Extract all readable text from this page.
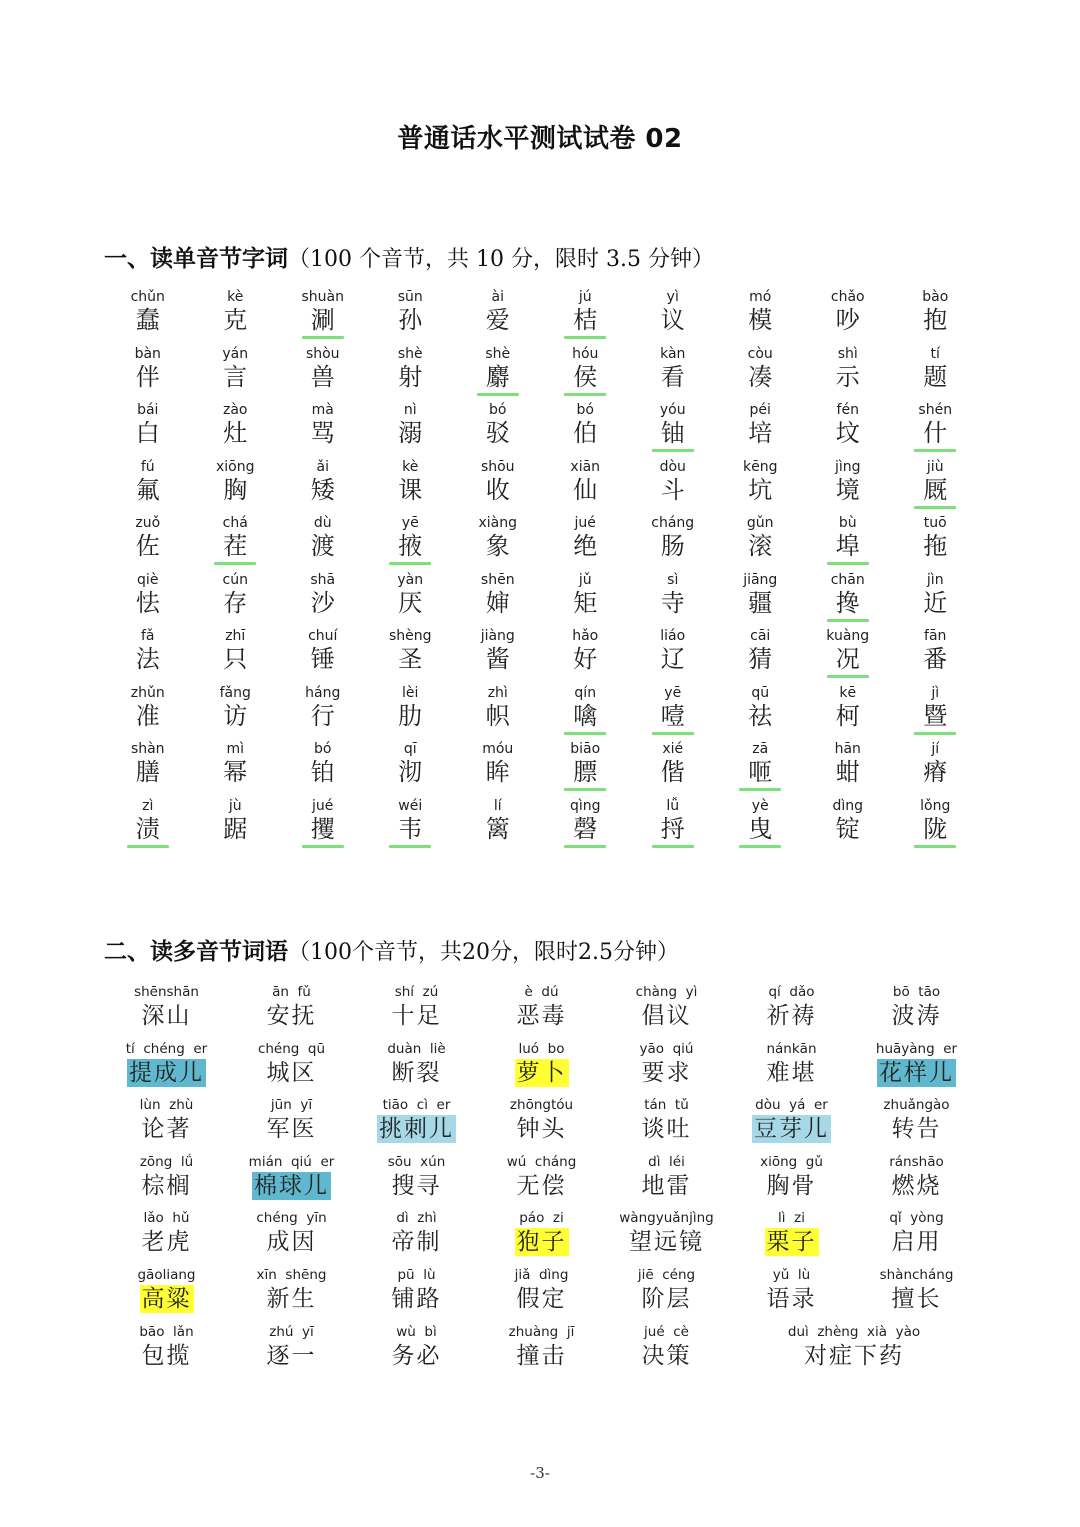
普通话水平测试试卷 02
一、读单音节字词（100 个音节，共 10 分，限时 3.5 分钟）
chǔn
蠢
kè
克
shuàn
涮
sūn
孙
ài
爱
jú
桔
yì
议
mó
模
chǎo
吵
bào
抱
bàn
伴
yán
言
shòu
兽
shè
射
shè
麝
hóu
侯
kàn
看
còu
凑
shì
示
tí
题
bái
白
zào
灶
mà
骂
nì
溺
bó
驳
bó
伯
yóu
铀
péi
培
fén
坟
shén
什
fú
氟
xiōng
胸
ǎi
矮
kè
课
shōu
收
xiān
仙
dòu
斗
kēng
坑
jìng
境
jiù
厩
zuǒ
佐
chá
茬
dù
渡
yē
掖
xiàng
象
jué
绝
cháng
肠
gǔn
滚
bù
埠
tuō
拖
qiè
怯
cún
存
shā
沙
yàn
厌
shēn
婶
jǔ
矩
sì
寺
jiāng
疆
chān
搀
jìn
近
fǎ
法
zhī
只
chuí
锤
shèng
圣
jiàng
酱
hǎo
好
liáo
辽
cāi
猜
kuàng
况
fān
番
zhǔn
准
fǎng
访
háng
行
lèi
肋
zhì
帜
qín
噙
yē
噎
qū
祛
kē
柯
jì
暨
shàn
膳
mì
幂
bó
铂
qī
沏
móu
眸
biāo
膘
xié
偕
zā
咂
hān
蚶
jí
瘠
zì
渍
jù
踞
jué
攫
wéi
韦
lí
篱
qìng
磬
lǚ
捋
yè
曳
dìng
锭
lǒng
陇
二、读多音节词语（100个音节，共20分，限时2.5分钟）
shēnshān
深山
ān  fǔ
安抚
shí  zú
十足
è  dú
恶毒
chàng  yì
倡议
qí  dǎo
祈祷
bō  tāo
波涛
tí  chéng  er
提成儿
chéng  qū
城区
duàn  liè
断裂
luó  bo
萝卜
yāo  qiú
要求
nánkān
难堪
huāyàng  er
花样儿
lùn  zhù
论著
jūn  yī
军医
tiāo  cì  er
挑刺儿
zhōngtóu
钟头
tán  tǔ
谈吐
dòu  yá  er
豆芽儿
zhuǎngào
转告
zōng  lǘ
棕榈
mián  qiú  er
棉球儿
sōu  xún
搜寻
wú  cháng
无偿
dì  léi
地雷
xiōng  gǔ
胸骨
ránshāo
燃烧
lǎo  hǔ
老虎
chéng  yīn
成因
dì  zhì
帝制
páo  zi
狍子
wàngyuǎnjìng
望远镜
lì  zi
栗子
qǐ  yòng
启用
gāoliang
高粱
xīn  shēng
新生
pū  lù
铺路
jiǎ  dìng
假定
jiē  céng
阶层
yǔ  lù
语录
shàncháng
擅长
bāo  lǎn
包揽
zhú  yī
逐一
wù  bì
务必
zhuàng  jī
撞击
jué  cè
决策
duì  zhèng  xià  yào
对症下药
-3-
